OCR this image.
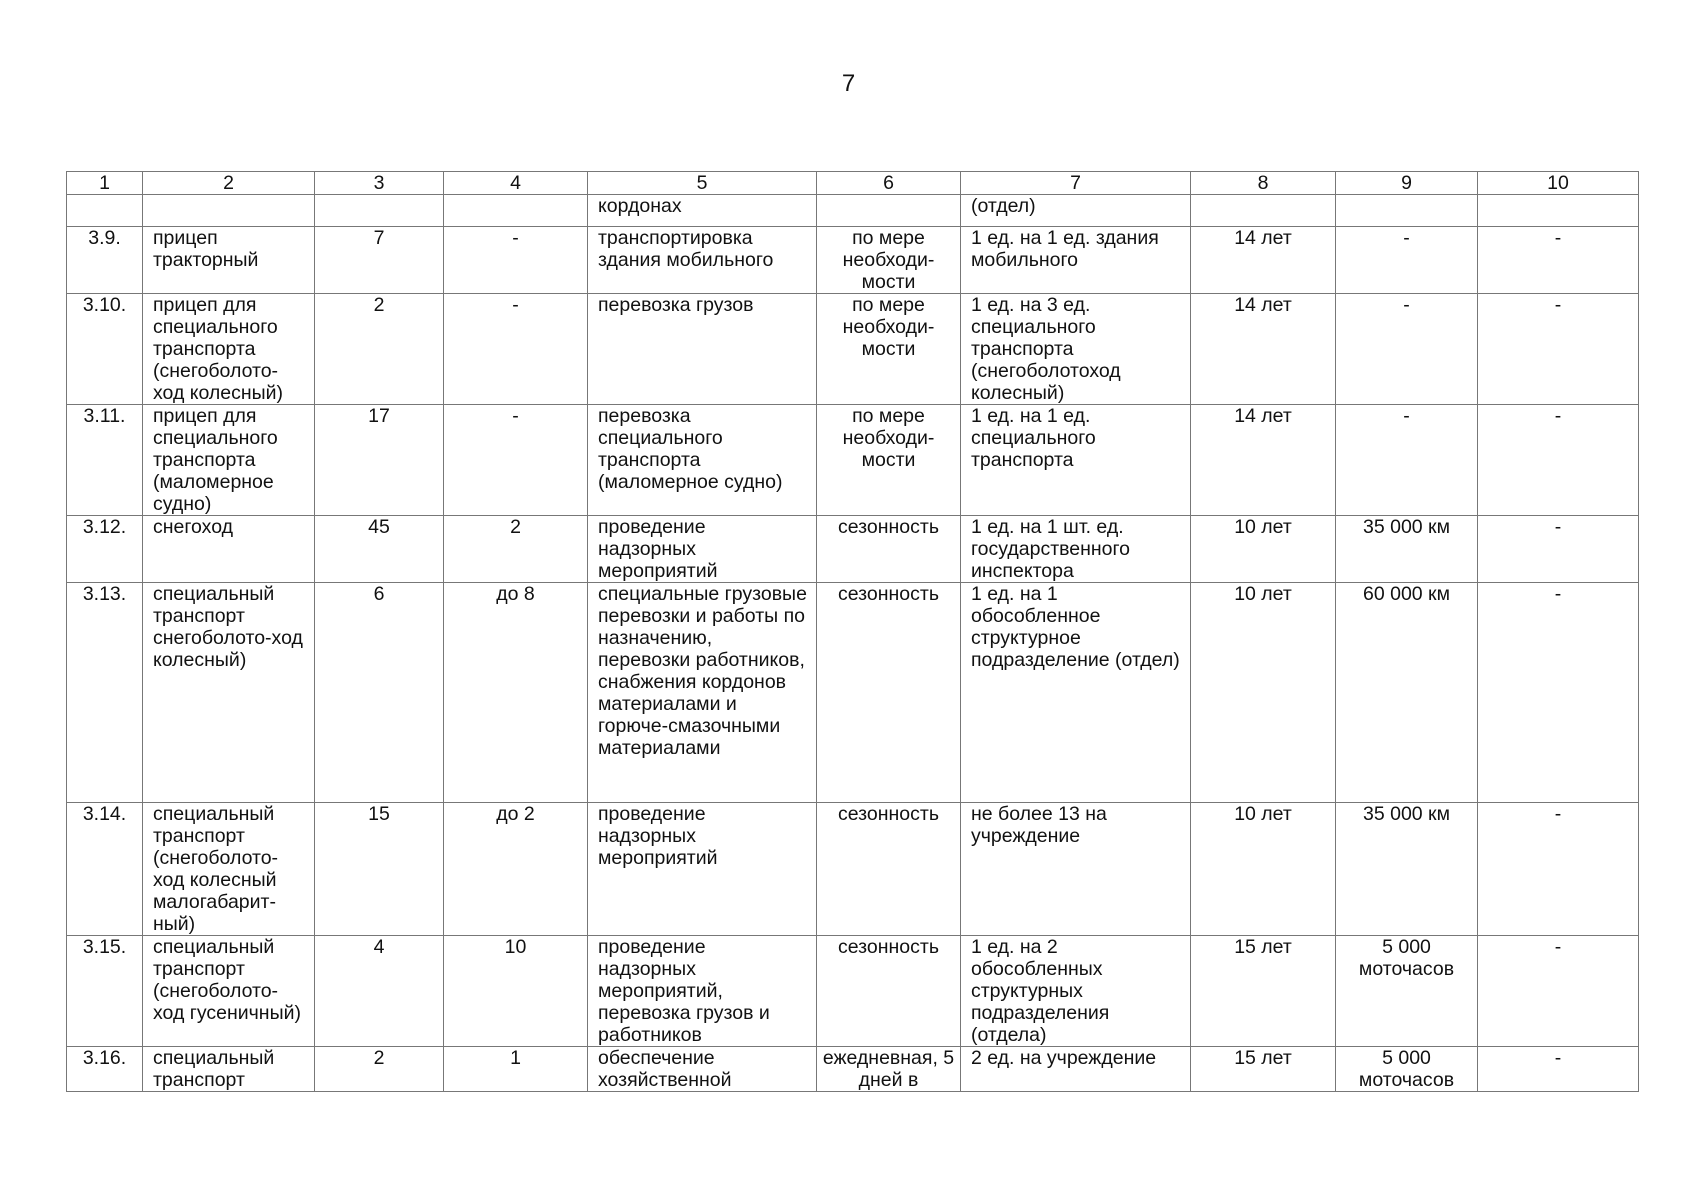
7
1	2	3	4	5	6	7	8	9	10
				кордонах		(отдел)			
3.9.	прицеп тракторный	7	-	транспортировка здания мобильного	по мере необходи-мости	1 ед. на 1 ед. здания мобильного	14 лет	-	-
3.10.	прицеп для специального транспорта (снегоболото-ход колесный)	2	-	перевозка грузов	по мере необходи-мости	1 ед. на 3 ед. специального транспорта (снегоболотоход колесный)	14 лет	-	-
3.11.	прицеп для специального транспорта (маломерное судно)	17	-	перевозка специального транспорта (маломерное судно)	по мере необходи-мости	1 ед. на 1 ед. специального транспорта	14 лет	-	-
3.12.	снегоход	45	2	проведение надзорных мероприятий	сезонность	1 ед. на 1 шт. ед. государственного инспектора	10 лет	35 000 км	-
3.13.	специальный транспорт снегоболото-ход колесный)	6	до 8	специальные грузовые перевозки и работы по назначению, перевозки работников, снабжения кордонов материалами и горюче-смазочными материалами	сезонность	1 ед. на 1 обособленное структурное подразделение (отдел)	10 лет	60 000 км	-
3.14.	специальный транспорт (снегоболото-ход колесный малогабарит-ный)	15	до 2	проведение надзорных мероприятий	сезонность	не более 13 на учреждение	10 лет	35 000 км	-
3.15.	специальный транспорт (снегоболото-ход гусеничный)	4	10	проведение надзорных мероприятий, перевозка грузов и работников	сезонность	1 ед. на 2 обособленных структурных подразделения (отдела)	15 лет	5 000 моточасов	-
3.16.	специальный транспорт	2	1	обеспечение хозяйственной	ежедневная, 5 дней в	2 ед. на учреждение	15 лет	5 000 моточасов	-
